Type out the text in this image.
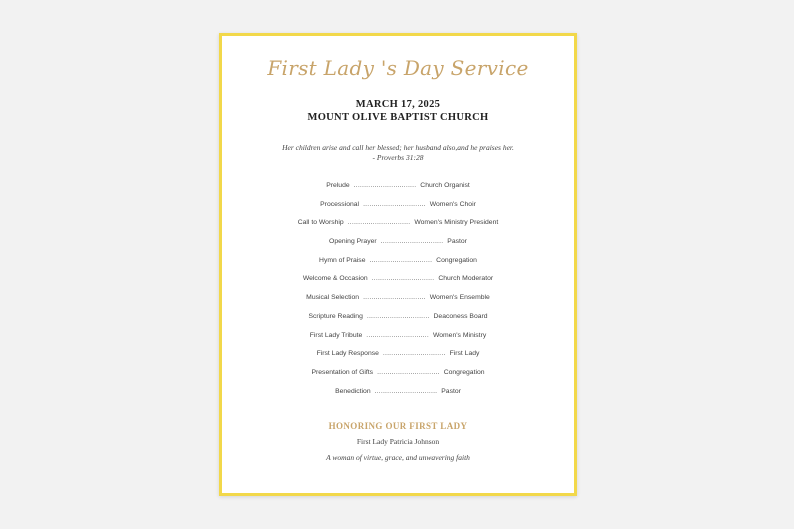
First Lady 's Day Service
MARCH 17, 2025
MOUNT OLIVE BAPTIST CHURCH
Her children arise and call her blessed; her husband also,and he praises her.
- Proverbs 31:28
Prelude .............................. Church Organist
Processional .............................. Women's Choir
Call to Worship .............................. Women's Ministry President
Opening Prayer .............................. Pastor
Hymn of Praise .............................. Congregation
Welcome & Occasion .............................. Church Moderator
Musical Selection .............................. Women's Ensemble
Scripture Reading .............................. Deaconess Board
First Lady Tribute .............................. Women's Ministry
First Lady Response .............................. First Lady
Presentation of Gifts .............................. Congregation
Benediction .............................. Pastor
HONORING OUR FIRST LADY
First Lady Patricia Johnson
A woman of virtue, grace, and unwavering faith
